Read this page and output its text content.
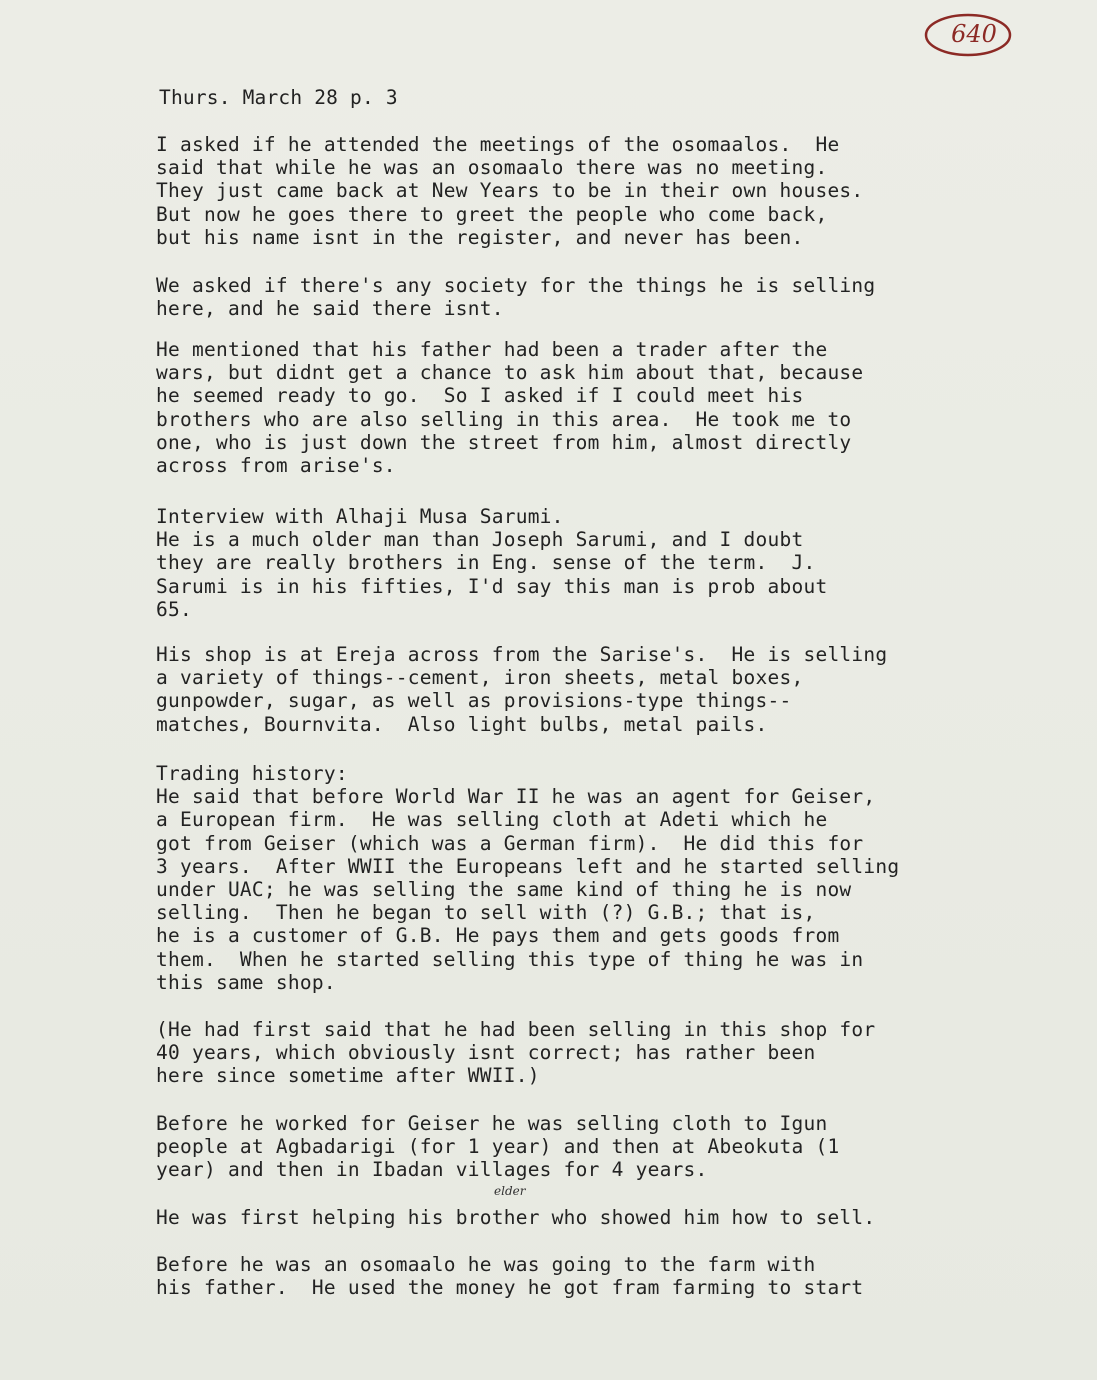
640
Thurs. March 28 p. 3
I asked if he attended the meetings of the osomaalos.  He
said that while he was an osomaalo there was no meeting.
They just came back at New Years to be in their own houses.
But now he goes there to greet the people who come back,
but his name isnt in the register, and never has been.
We asked if there's any society for the things he is selling
here, and he said there isnt.
He mentioned that his father had been a trader after the
wars, but didnt get a chance to ask him about that, because
he seemed ready to go.  So I asked if I could meet his
brothers who are also selling in this area.  He took me to
one, who is just down the street from him, almost directly
across from arise's.
Interview with Alhaji Musa Sarumi.
He is a much older man than Joseph Sarumi, and I doubt
they are really brothers in Eng. sense of the term.  J.
Sarumi is in his fifties, I'd say this man is prob about
65.
His shop is at Ereja across from the Sarise's.  He is selling
a variety of things--cement, iron sheets, metal boxes,
gunpowder, sugar, as well as provisions-type things--
matches, Bournvita.  Also light bulbs, metal pails.
Trading history:
He said that before World War II he was an agent for Geiser,
a European firm.  He was selling cloth at Adeti which he
got from Geiser (which was a German firm).  He did this for
3 years.  After WWII the Europeans left and he started selling
under UAC; he was selling the same kind of thing he is now
selling.  Then he began to sell with (?) G.B.; that is,
he is a customer of G.B. He pays them and gets goods from
them.  When he started selling this type of thing he was in
this same shop.
(He had first said that he had been selling in this shop for
40 years, which obviously isnt correct; has rather been
here since sometime after WWII.)
Before he worked for Geiser he was selling cloth to Igun
people at Agbadarigi (for 1 year) and then at Abeokuta (1
year) and then in Ibadan villages for 4 years.
He was first helping his brother who showed him how to sell.
Before he was an osomaalo he was going to the farm with
his father.  He used the money he got fram farming to start
elder
